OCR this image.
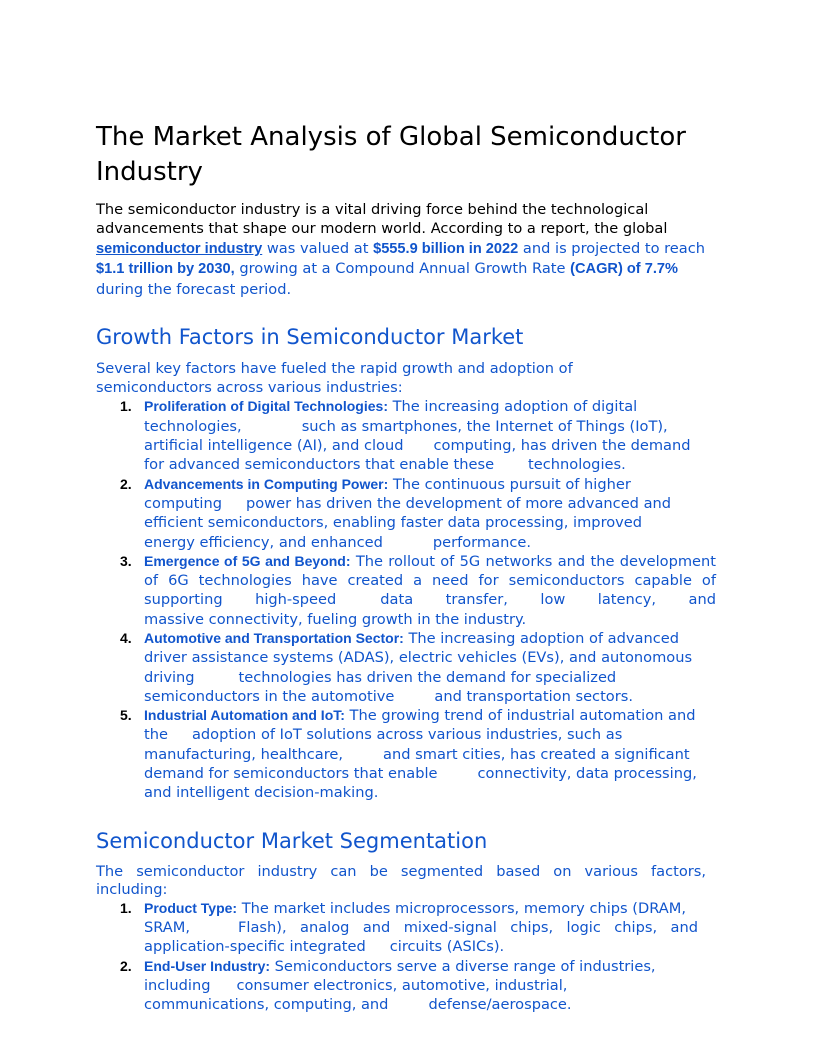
The Market Analysis of Global Semiconductor Industry

The semiconductor industry is a vital driving force behind the technological advancements that shape our modern world. According to a report, the global
semiconductor industry was valued at $555.9 billion in 2022 and is projected to reach
$1.1 trillion by 2030, growing at a Compound Annual Growth Rate (CAGR) of 7.7%
during the forecast period.

Growth Factors in Semiconductor Market

Several key factors have fueled the rapid growth and adoption of semiconductors across various industries:

1. Proliferation of Digital Technologies: The increasing adoption of digital
technologies,	such as smartphones, the Internet of Things (IoT),
artificial intelligence (AI), and cloud computing, has driven the demand
for advanced semiconductors that enable these technologies.
2. Advancements in Computing Power: The continuous pursuit of higher
computing power has driven the development of more advanced and
efficient semiconductors, enabling faster data processing, improved
energy efficiency, and enhanced	performance.
3. Emergence of 5G and Beyond: The rollout of 5G networks and the development of 6G technologies have created a need for semiconductors capable of supporting high-speed	data transfer, low latency, and
massive connectivity, fueling growth in the industry.
4. Automotive and Transportation Sector: The increasing adoption of advanced
driver assistance systems (ADAS), electric vehicles (EVs), and autonomous
driving	technologies has driven the demand for specialized
semiconductors in the automotive	and transportation sectors.
5. Industrial Automation and IoT: The growing trend of industrial automation and
the adoption of IoT solutions across various industries, such as
manufacturing, healthcare,	and smart cities, has created a significant
demand for semiconductors that enable	connectivity, data processing,
and intelligent decision-making.
Semiconductor Market Segmentation

The semiconductor industry can be segmented based on various factors, including:

1. Product Type: The market includes microprocessors, memory chips (DRAM,

SRAM,	Flash), analog and mixed-signal chips, logic chips, and
application-specific integrated circuits (ASICs).
2. End-User Industry: Semiconductors serve a diverse range of industries,
including consumer electronics, automotive, industrial,
communications, computing, and	defense/aerospace.
